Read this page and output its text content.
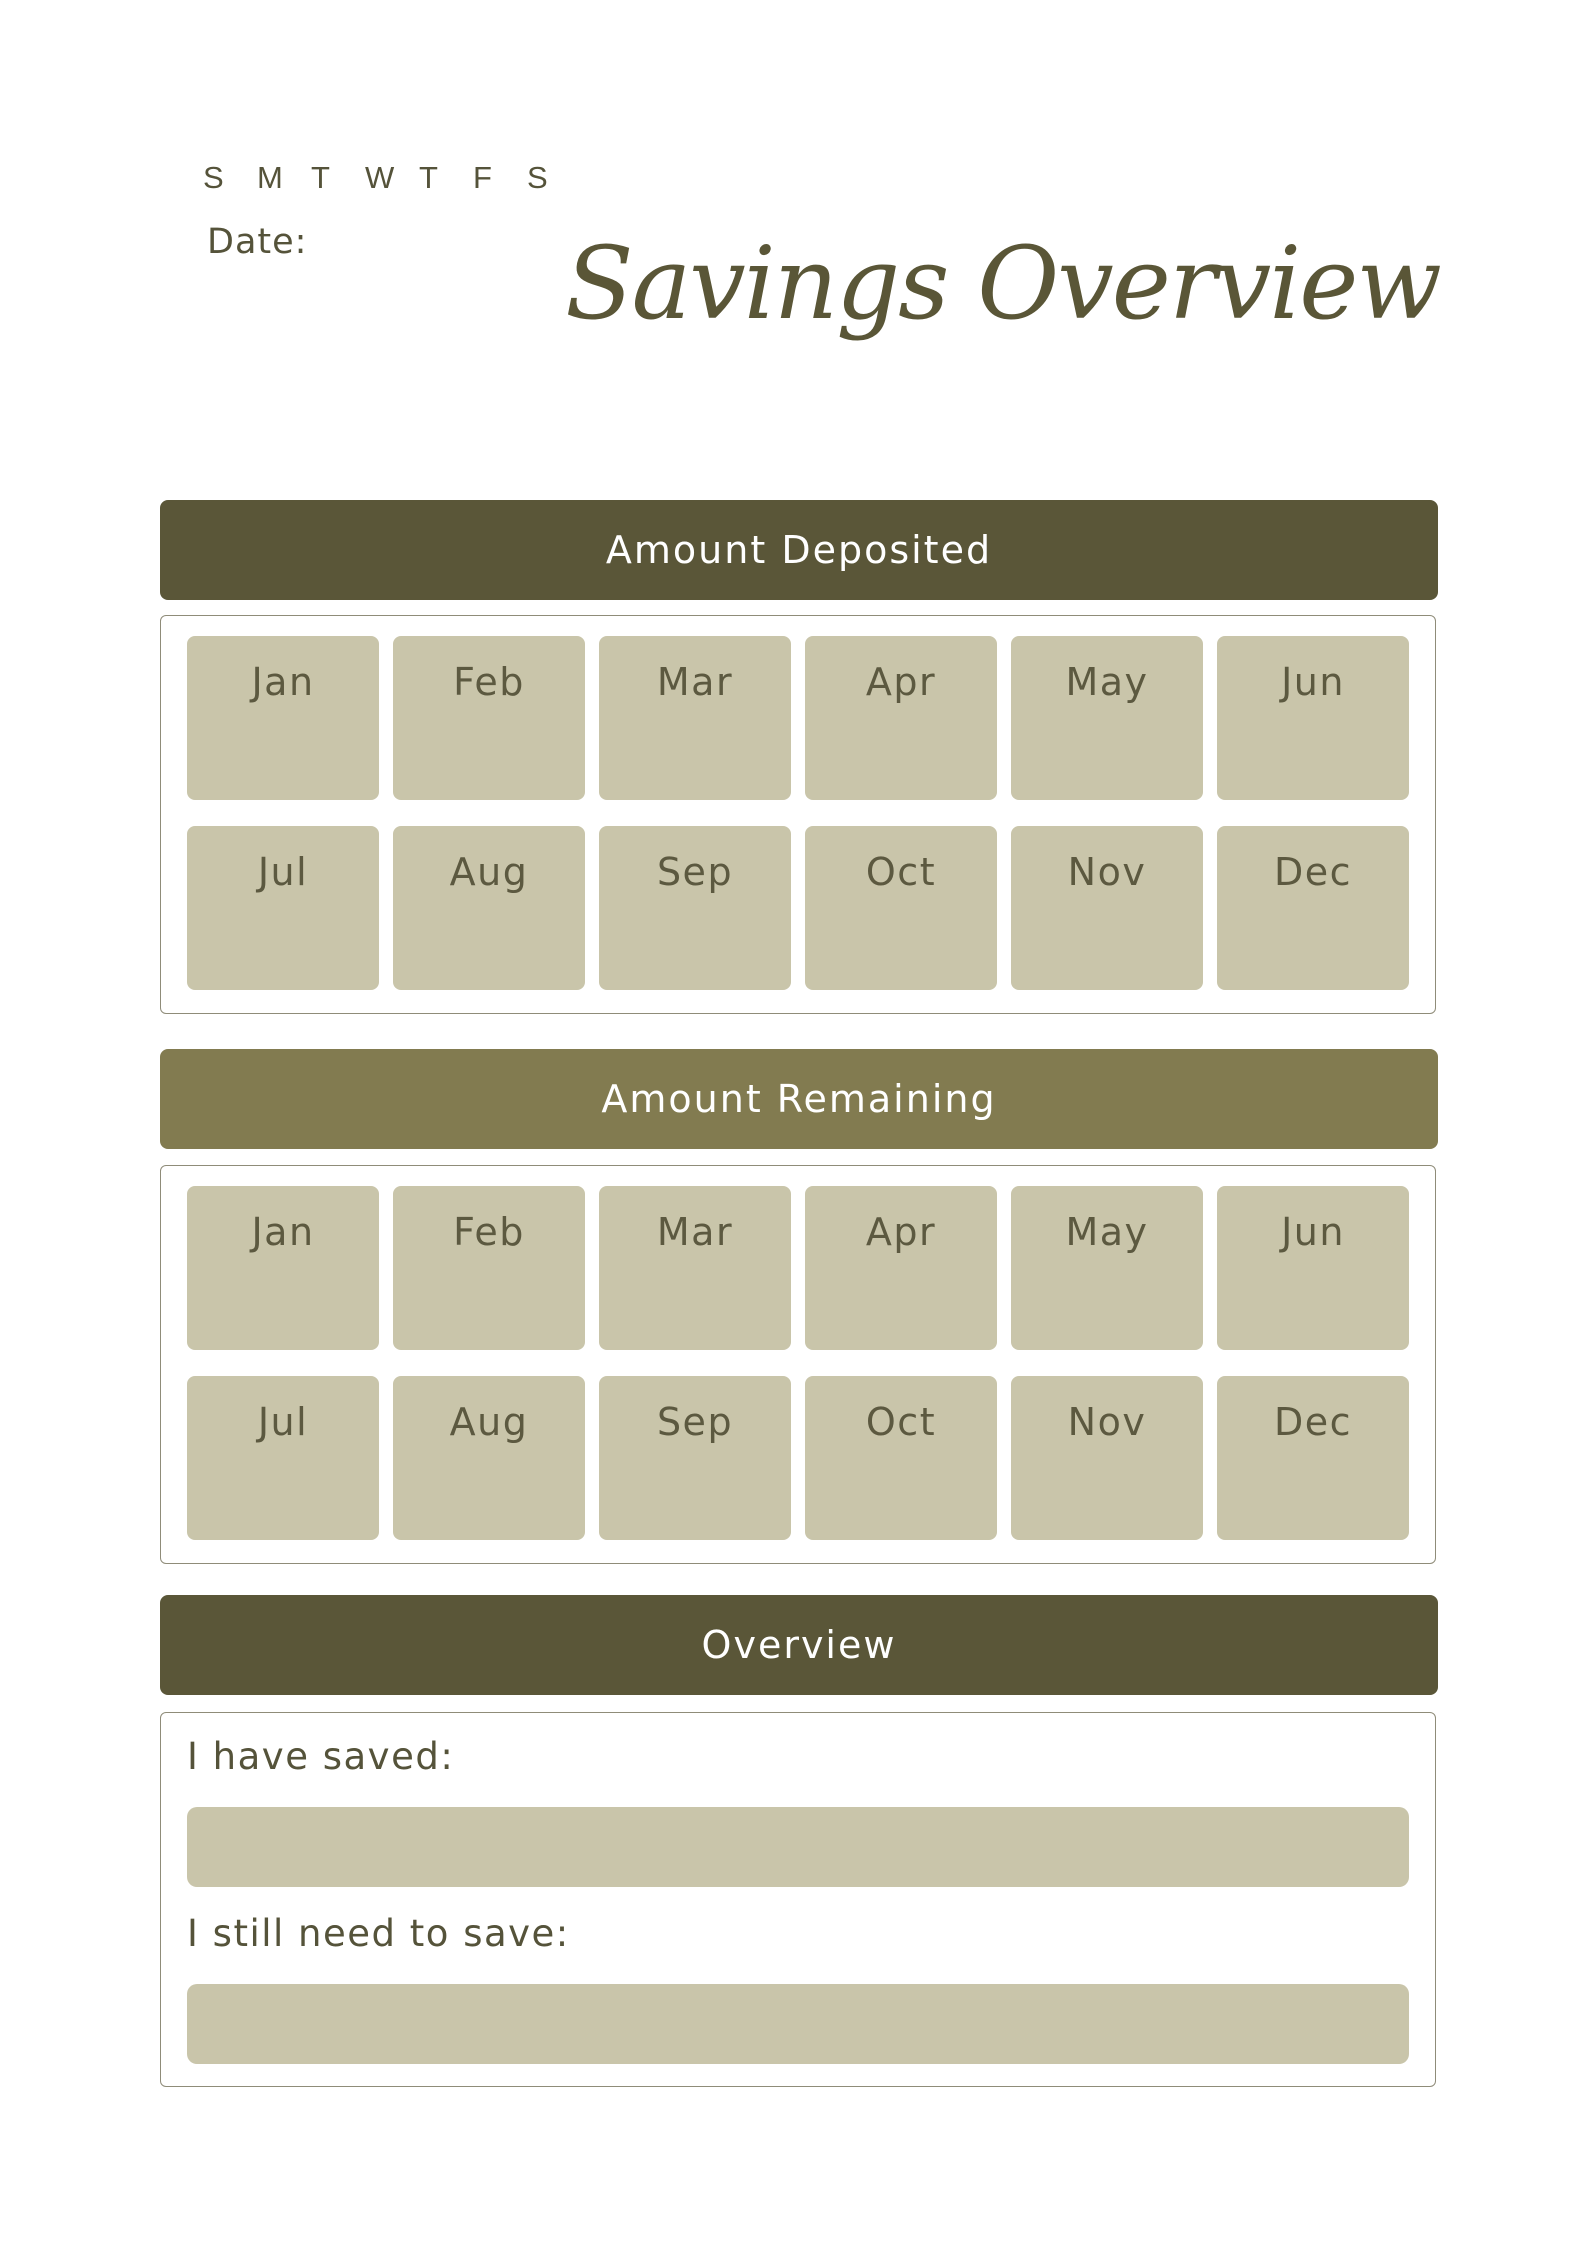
S	M T	W T	F	S
Date:	Savings Overview
Amount Deposited
Jan	Feb	Mar	Apr	May	Jun
Jul	Aug	Sep	Oct	Nov	Dec
Amount Remaining
Jan	Feb	Mar	Apr	May	Jun
Jul	Aug	Sep	Oct	Nov	Dec
Overview
I have saved:
I still need to save:
